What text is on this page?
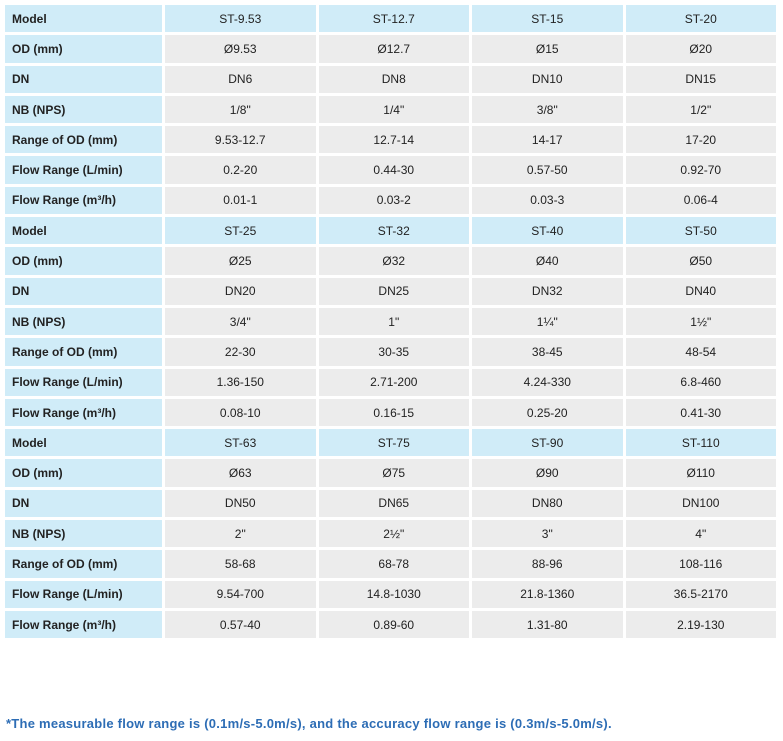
Model	ST-9.53	ST-12.7	ST-15	ST-20
OD (mm)	Ø9.53	Ø12.7	Ø15	Ø20
DN	DN6	DN8	DN10	DN15
NB (NPS)	1/8"	1/4"	3/8"	1/2"
Range of OD (mm)	9.53-12.7	12.7-14	14-17	17-20
Flow Range (L/min)	0.2-20	0.44-30	0.57-50	0.92-70
Flow Range (m³/h)	0.01-1	0.03-2	0.03-3	0.06-4
Model	ST-25	ST-32	ST-40	ST-50
OD (mm)	Ø25	Ø32	Ø40	Ø50
DN	DN20	DN25	DN32	DN40
NB (NPS)	3/4"	1"	1¼"	1½"
Range of OD (mm)	22-30	30-35	38-45	48-54
Flow Range (L/min)	1.36-150	2.71-200	4.24-330	6.8-460
Flow Range (m³/h)	0.08-10	0.16-15	0.25-20	0.41-30
Model	ST-63	ST-75	ST-90	ST-110
OD (mm)	Ø63	Ø75	Ø90	Ø110
DN	DN50	DN65	DN80	DN100
NB (NPS)	2"	2½"	3"	4"
Range of OD (mm)	58-68	68-78	88-96	108-116
Flow Range (L/min)	9.54-700	14.8-1030	21.8-1360	36.5-2170
Flow Range (m³/h)	0.57-40	0.89-60	1.31-80	2.19-130
*The measurable flow range is (0.1m/s-5.0m/s), and the accuracy flow range is (0.3m/s-5.0m/s).
